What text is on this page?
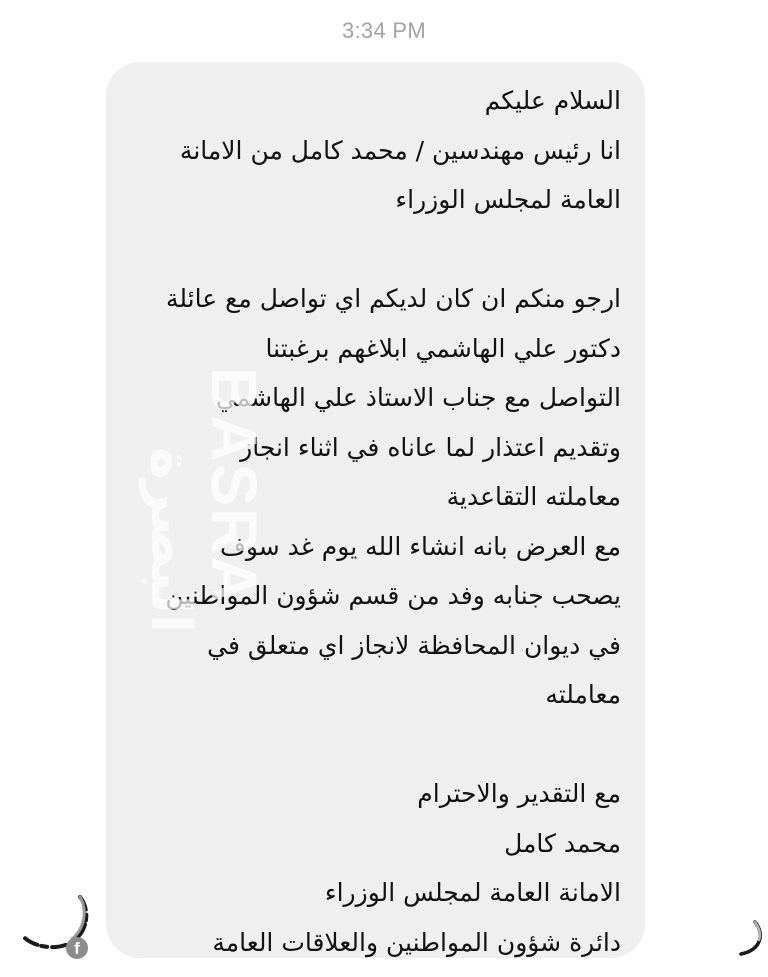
3:34 PM
السلام عليكم
انا رئيس مهندسين / محمد كامل من الامانة
العامة لمجلس الوزراء
ارجو منكم ان كان لديكم اي تواصل مع عائلة
دكتور علي الهاشمي ابلاغهم برغبتنا
التواصل مع جناب الاستاذ علي الهاشمي
وتقديم اعتذار لما عاناه في اثناء انجاز
معاملته التقاعدية
مع العرض بانه انشاء الله يوم غد سوف
يصحب جنابه وفد من قسم شؤون المواطنين
في ديوان المحافظة لانجاز اي متعلق في
معاملته
مع التقدير والاحترام
محمد كامل
الامانة العامة لمجلس الوزراء
دائرة شؤون المواطنين والعلاقات العامة
BASRA
البصرة
f
